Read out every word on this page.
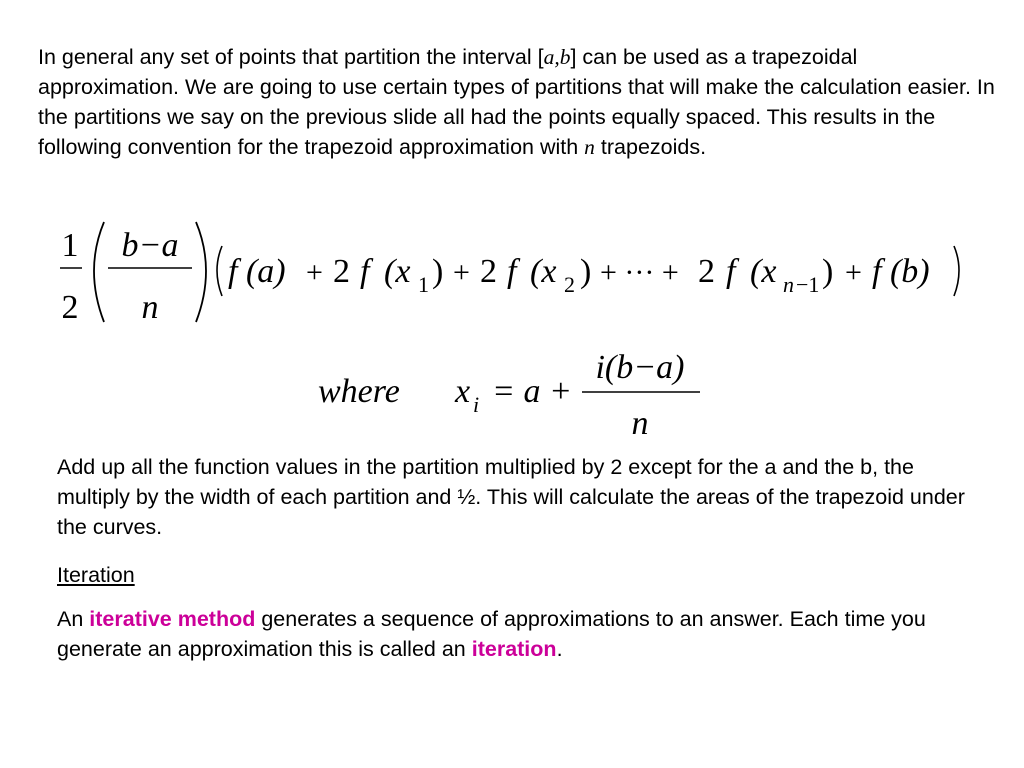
In general any set of points that partition the interval [a,b] can be used as a trapezoidal approximation. We are going to use certain types of partitions that will make the calculation easier. In the partitions we say on the previous slide all had the points equally spaced. This results in the following convention for the trapezoid approximation with n trapezoids.

1
2
b−a
n
f (a) + 2 f (x 1 ) + 2 f (x 2 ) + ··· + 2 f (x n −1 ) + f (b)
where x i = a +
i(b−a)
n

Add up all the function values in the partition multiplied by 2 except for the a and the b, the multiply by the width of each partition and ½. This will calculate the areas of the trapezoid under the curves.

Iteration

An iterative method generates a sequence of approximations to an answer. Each time you generate an approximation this is called an iteration.
